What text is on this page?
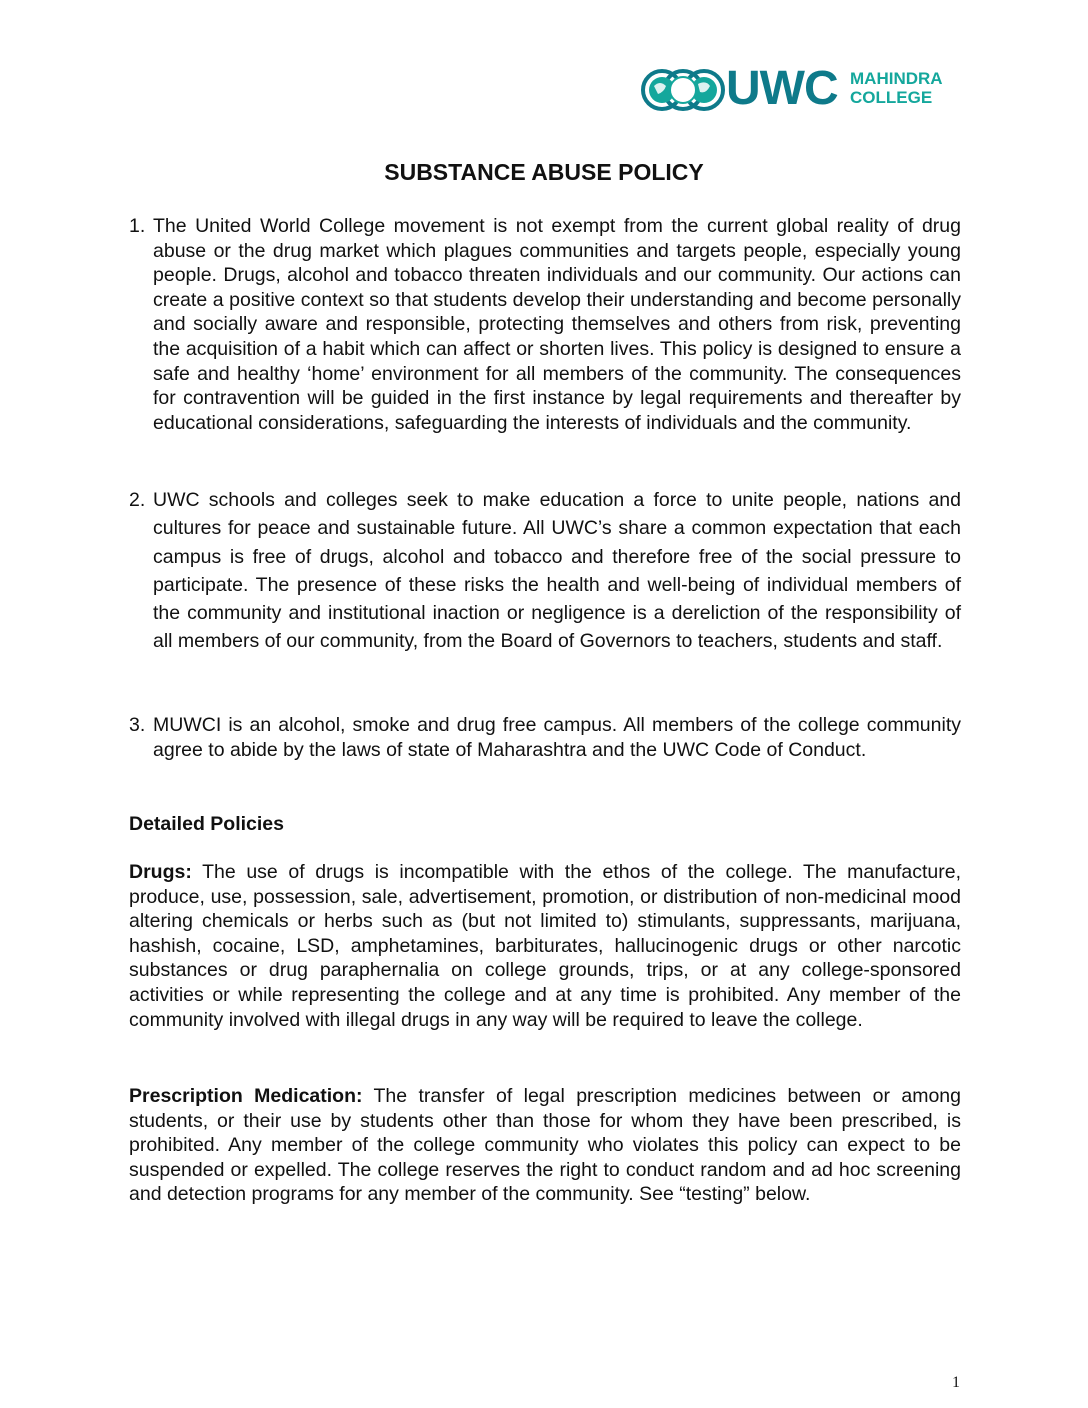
UWC MAHINDRA
COLLEGE
SUBSTANCE ABUSE POLICY
1. The United World College movement is not exempt from the current global reality of drug abuse or the drug market which plagues communities and targets people, especially young people. Drugs, alcohol and tobacco threaten individuals and our community. Our actions can create a positive context so that students develop their understanding and become personally and socially aware and responsible, protecting themselves and others from risk, preventing the acquisition of a habit which can affect or shorten lives. This policy is designed to ensure a safe and healthy ‘home’ environment for all members of the community. The consequences for contravention will be guided in the first instance by legal requirements and thereafter by educational considerations, safeguarding the interests of individuals and the community.
2. UWC schools and colleges seek to make education a force to unite people, nations and cultures for peace and sustainable future. All UWC’s share a common expectation that each campus is free of drugs, alcohol and tobacco and therefore free of the social pressure to participate. The presence of these risks the health and well-being of individual members of the community and institutional inaction or negligence is a dereliction of the responsibility of all members of our community, from the Board of Governors to teachers, students and staff.
3. MUWCI is an alcohol, smoke and drug free campus. All members of the college community agree to abide by the laws of state of Maharashtra and the UWC Code of Conduct.
Detailed Policies
Drugs: The use of drugs is incompatible with the ethos of the college. The manufacture, produce, use, possession, sale, advertisement, promotion, or distribution of non-medicinal mood altering chemicals or herbs such as (but not limited to) stimulants, suppressants, marijuana, hashish, cocaine, LSD, amphetamines, barbiturates, hallucinogenic drugs or other narcotic substances or drug paraphernalia on college grounds, trips, or at any college-sponsored activities or while representing the college and at any time is prohibited. Any member of the community involved with illegal drugs in any way will be required to leave the college.
Prescription Medication: The transfer of legal prescription medicines between or among students, or their use by students other than those for whom they have been prescribed, is prohibited. Any member of the college community who violates this policy can expect to be suspended or expelled. The college reserves the right to conduct random and ad hoc screening and detection programs for any member of the community. See “testing” below.
1
